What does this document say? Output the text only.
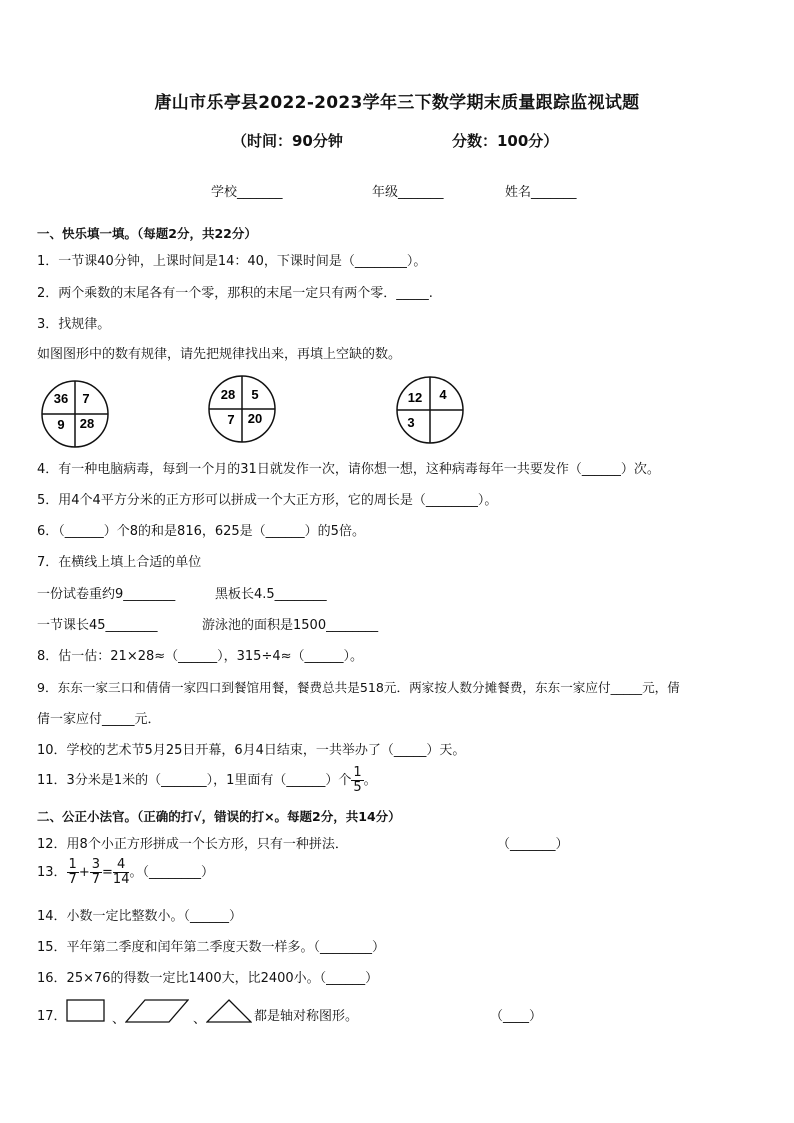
唐山市乐亭县2022-2023学年三下数学期末质量跟踪监视试题
（时间：90分钟	分数：100分）
学校_______	年级_______	姓名_______
一、快乐填一填。（每题2分，共22分）
1．一节课40分钟，上课时间是14：40，下课时间是（________）。
2．两个乘数的末尾各有一个零，那积的末尾一定只有两个零．_____.
3．找规律。
如图图形中的数有规律，请先把规律找出来，再填上空缺的数。
36 7
9 28
28 5
7 20
12 4
3
4．有一种电脑病毒，每到一个月的31日就发作一次，请你想一想，这种病毒每年一共要发作（______）次。
5．用4个4平方分米的正方形可以拼成一个大正方形，它的周长是（________）。
6．（______）个8的和是816，625是（______）的5倍。
7．在横线上填上合适的单位
一份试卷重约9________	黑板长4.5________
一节课长45________	游泳池的面积是1500________
8．估一估：21×28≈（______），315÷4≈（______）。
9．东东一家三口和倩倩一家四口到餐馆用餐，餐费总共是518元．两家按人数分摊餐费，东东一家应付_____元，倩
倩一家应付_____元．
10．学校的艺术节5月25日开幕，6月4日结束，一共举办了（_____）天。
11．3分米是1米的（_______），1里面有（______）个 $\frac{1}{5}$ 。
二、公正小法官。（正确的打√，错误的打×。每题2分，共14分）
12．用8个小正方形拼成一个长方形，只有一种拼法．	（_______）
13． $\frac{1}{7} + \frac{3}{7} = \frac{4}{14}$ 。（________）
14．小数一定比整数小。（______）
15．平年第二季度和闰年第二季度天数一样多。（________）
16．25×76的得数一定比1400大，比2400小。（______）
17．	、	、	都是轴对称图形。	（____）
